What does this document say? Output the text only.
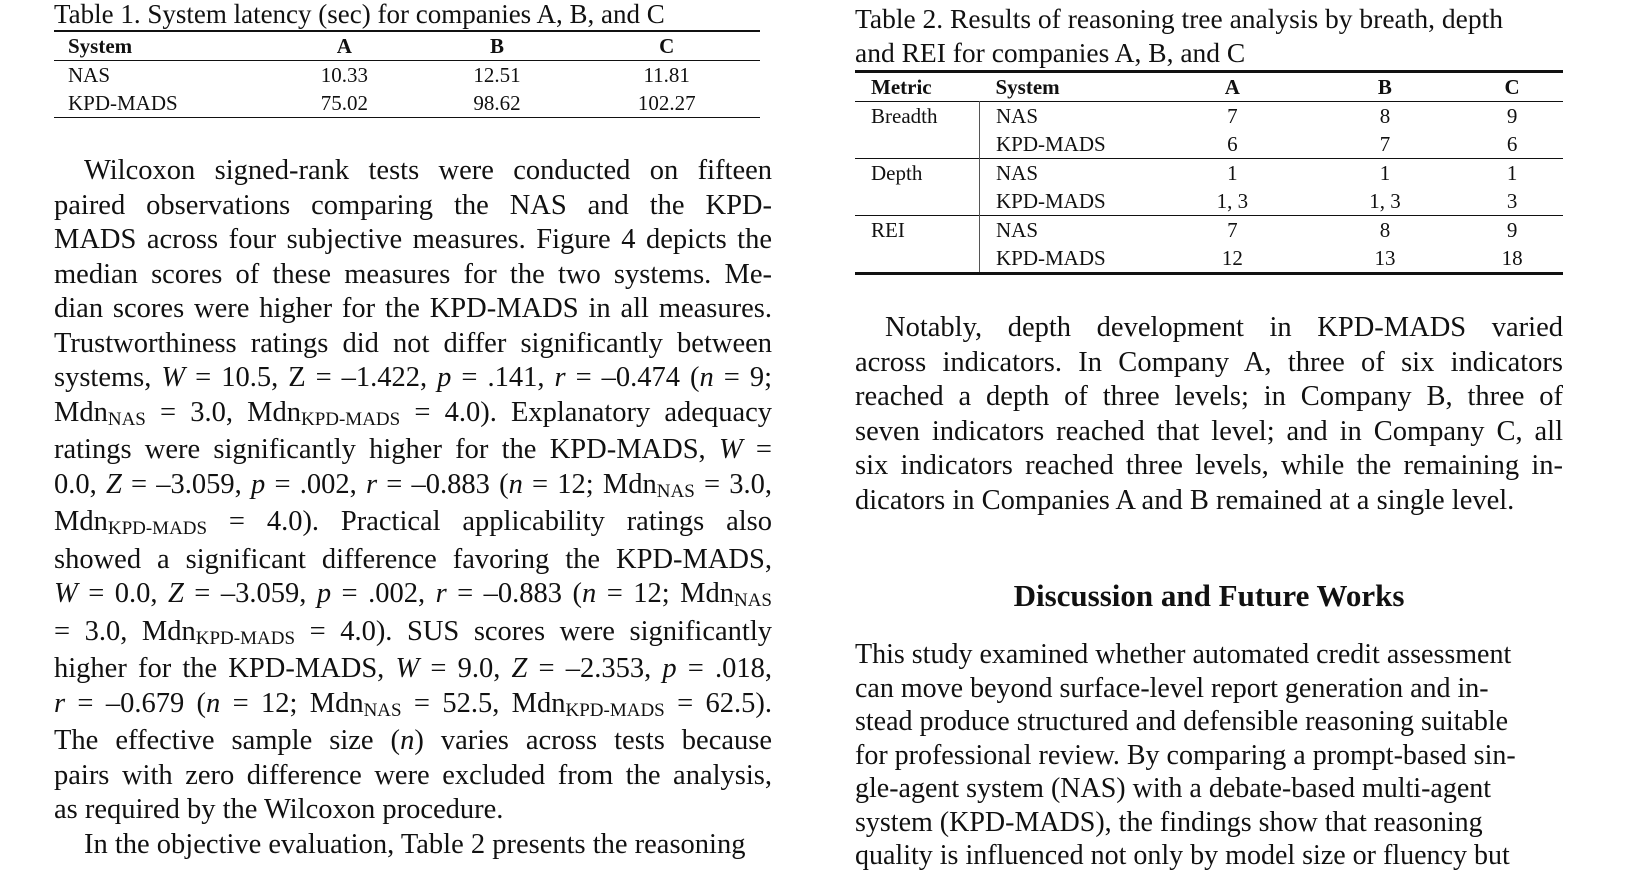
Table 1. System latency (sec) for companies A, B, and C
System	A	B	C
NAS	10.33	12.51	11.81
KPD-MADS	75.02	98.62	102.27
Wilcoxon signed-rank tests were conducted on fifteen
paired observations comparing the NAS and the KPD-
MADS across four subjective measures. Figure 4 depicts the
median scores of these measures for the two systems. Me-
dian scores were higher for the KPD-MADS in all measures.
Trustworthiness ratings did not differ significantly between
systems, W = 10.5, Z = –1.422, p = .141, r = –0.474 (n = 9;
Mdn$_{NAS}$ = 3.0, Mdn$_{KPD-MADS}$ = 4.0). Explanatory adequacy
ratings were significantly higher for the KPD-MADS, W =
0.0, Z = –3.059, p = .002, r = –0.883 (n = 12; Mdn$_{NAS}$ = 3.0,
Mdn$_{KPD-MADS}$ = 4.0). Practical applicability ratings also
showed a significant difference favoring the KPD-MADS,
W = 0.0, Z = –3.059, p = .002, r = –0.883 (n = 12; Mdn$_{NAS}$
= 3.0, Mdn$_{KPD-MADS}$ = 4.0). SUS scores were significantly
higher for the KPD-MADS, W = 9.0, Z = –2.353, p = .018,
r = –0.679 (n = 12; Mdn$_{NAS}$ = 52.5, Mdn$_{KPD-MADS}$ = 62.5).
The effective sample size (n) varies across tests because
pairs with zero difference were excluded from the analysis,
as required by the Wilcoxon procedure.
In the objective evaluation, Table 2 presents the reasoning
Table 2. Results of reasoning tree analysis by breath, depth
and REI for companies A, B, and C
Metric	System	A	B	C
Breadth	NAS	7	8	9
	KPD-MADS	6	7	6
Depth	NAS	1	1	1
	KPD-MADS	1, 3	1, 3	3
REI	NAS	7	8	9
	KPD-MADS	12	13	18
Notably, depth development in KPD-MADS varied
across indicators. In Company A, three of six indicators
reached a depth of three levels; in Company B, three of
seven indicators reached that level; and in Company C, all
six indicators reached three levels, while the remaining in-
dicators in Companies A and B remained at a single level.
Discussion and Future Works
This study examined whether automated credit assessment
can move beyond surface-level report generation and in-
stead produce structured and defensible reasoning suitable
for professional review. By comparing a prompt-based sin-
gle-agent system (NAS) with a debate-based multi-agent
system (KPD-MADS), the findings show that reasoning
quality is influenced not only by model size or fluency but
